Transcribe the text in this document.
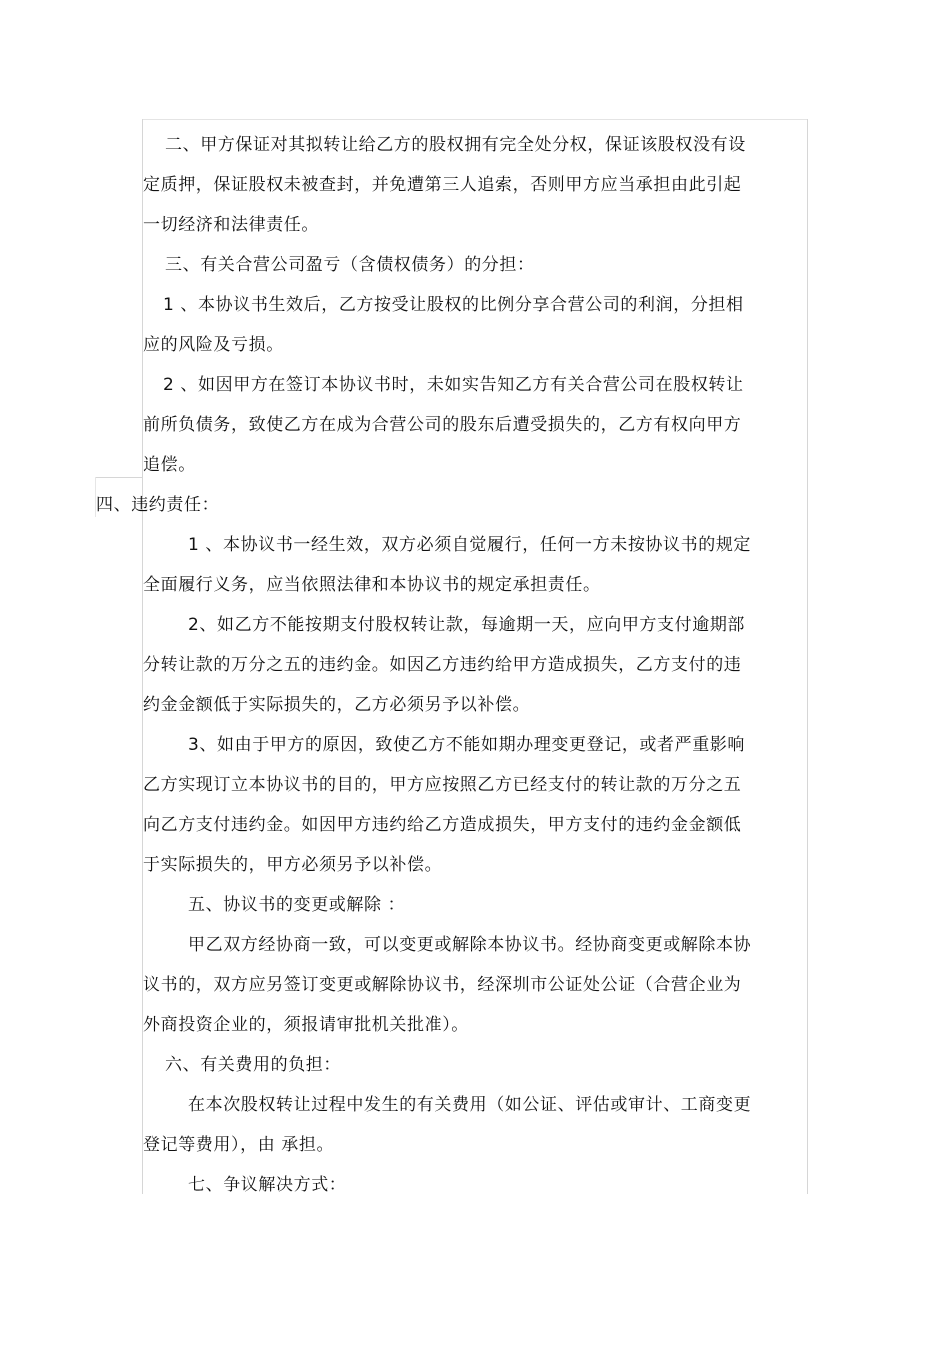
二、甲方保证对其拟转让给乙方的股权拥有完全处分权，保证该股权没有设
定质押，保证股权未被查封，并免遭第三人追索，否则甲方应当承担由此引起
一切经济和法律责任。
三、有关合营公司盈亏（含债权债务）的分担：
1 、本协议书生效后，乙方按受让股权的比例分享合营公司的利润，分担相
应的风险及亏损。
2 、如因甲方在签订本协议书时，未如实告知乙方有关合营公司在股权转让
前所负债务，致使乙方在成为合营公司的股东后遭受损失的，乙方有权向甲方
追偿。
四、违约责任：
1 、本协议书一经生效，双方必须自觉履行，任何一方未按协议书的规定
全面履行义务，应当依照法律和本协议书的规定承担责任。
2、如乙方不能按期支付股权转让款，每逾期一天，应向甲方支付逾期部
分转让款的万分之五的违约金。如因乙方违约给甲方造成损失，乙方支付的违
约金金额低于实际损失的，乙方必须另予以补偿。
3、如由于甲方的原因，致使乙方不能如期办理变更登记，或者严重影响
乙方实现订立本协议书的目的，甲方应按照乙方已经支付的转让款的万分之五
向乙方支付违约金。如因甲方违约给乙方造成损失，甲方支付的违约金金额低
于实际损失的，甲方必须另予以补偿。
五、协议书的变更或解除 ：
甲乙双方经协商一致，可以变更或解除本协议书。经协商变更或解除本协
议书的，双方应另签订变更或解除协议书，经深圳市公证处公证（合营企业为
外商投资企业的，须报请审批机关批准）。
六、有关费用的负担：
在本次股权转让过程中发生的有关费用（如公证、评估或审计、工商变更
登记等费用），由 承担。
七、争议解决方式：
